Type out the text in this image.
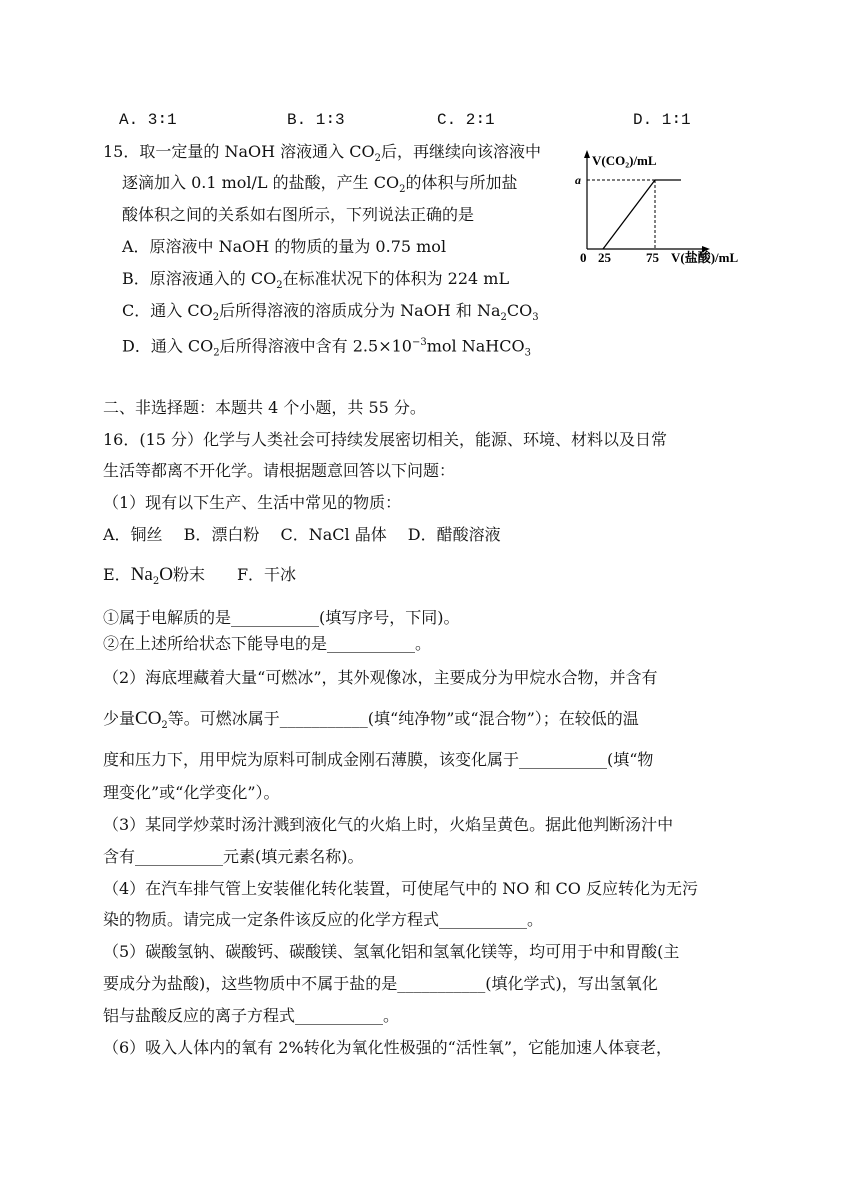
A. 3∶1	B. 1∶3	C. 2∶1	D. 1∶1
15．取一定量的 NaOH 溶液通入 $CO_2$后，再继续向该溶液中
逐滴加入 0.1 mol/L 的盐酸，产生 $CO_2$的体积与所加盐
酸体积之间的关系如右图所示，下列说法正确的是
A．原溶液中 NaOH 的物质的量为 0.75 mol
B．原溶液通入的 $CO_2$在标准状况下的体积为 224 mL
C．通入 $CO_2$后所得溶液的溶质成分为 NaOH 和 $Na_2CO_3$
D．通入 $CO_2$后所得溶液中含有 $2.5\times 10^{-3}mol$ NaHCO$_3$
V(CO₂)/mL
a
0 25	75 V(盐酸)/mL
二、非选择题：本题共 4 个小题，共 55 分。
16．(15 分）化学与人类社会可持续发展密切相关，能源、环境、材料以及日常
生活等都离不开化学。请根据题意回答以下问题：
（1）现有以下生产、生活中常见的物质：
A．铜丝　 B．漂白粉　 C．NaCl 晶体　 D．醋酸溶液
E．$Na_2O$粉末　　F．干冰
①属于电解质的是___________(填写序号，下同)。
②在上述所给状态下能导电的是___________。
（2）海底埋藏着大量“可燃冰”，其外观像冰，主要成分为甲烷水合物，并含有
少量$CO_2$等。可燃冰属于___________(填“纯净物”或“混合物”）；在较低的温
度和压力下，用甲烷为原料可制成金刚石薄膜，该变化属于___________(填“物
理变化”或“化学变化”）。
（3）某同学炒菜时汤汁溅到液化气的火焰上时，火焰呈黄色。据此他判断汤汁中
含有___________元素(填元素名称)。
（4）在汽车排气管上安装催化转化装置，可使尾气中的 NO 和 CO 反应转化为无污
染的物质。请完成一定条件该反应的化学方程式___________。
（5）碳酸氢钠、碳酸钙、碳酸镁、氢氧化铝和氢氧化镁等，均可用于中和胃酸(主
要成分为盐酸)，这些物质中不属于盐的是___________(填化学式)，写出氢氧化
铝与盐酸反应的离子方程式___________。
（6）吸入人体内的氧有 2%转化为氧化性极强的“活性氧”，它能加速人体衰老，
